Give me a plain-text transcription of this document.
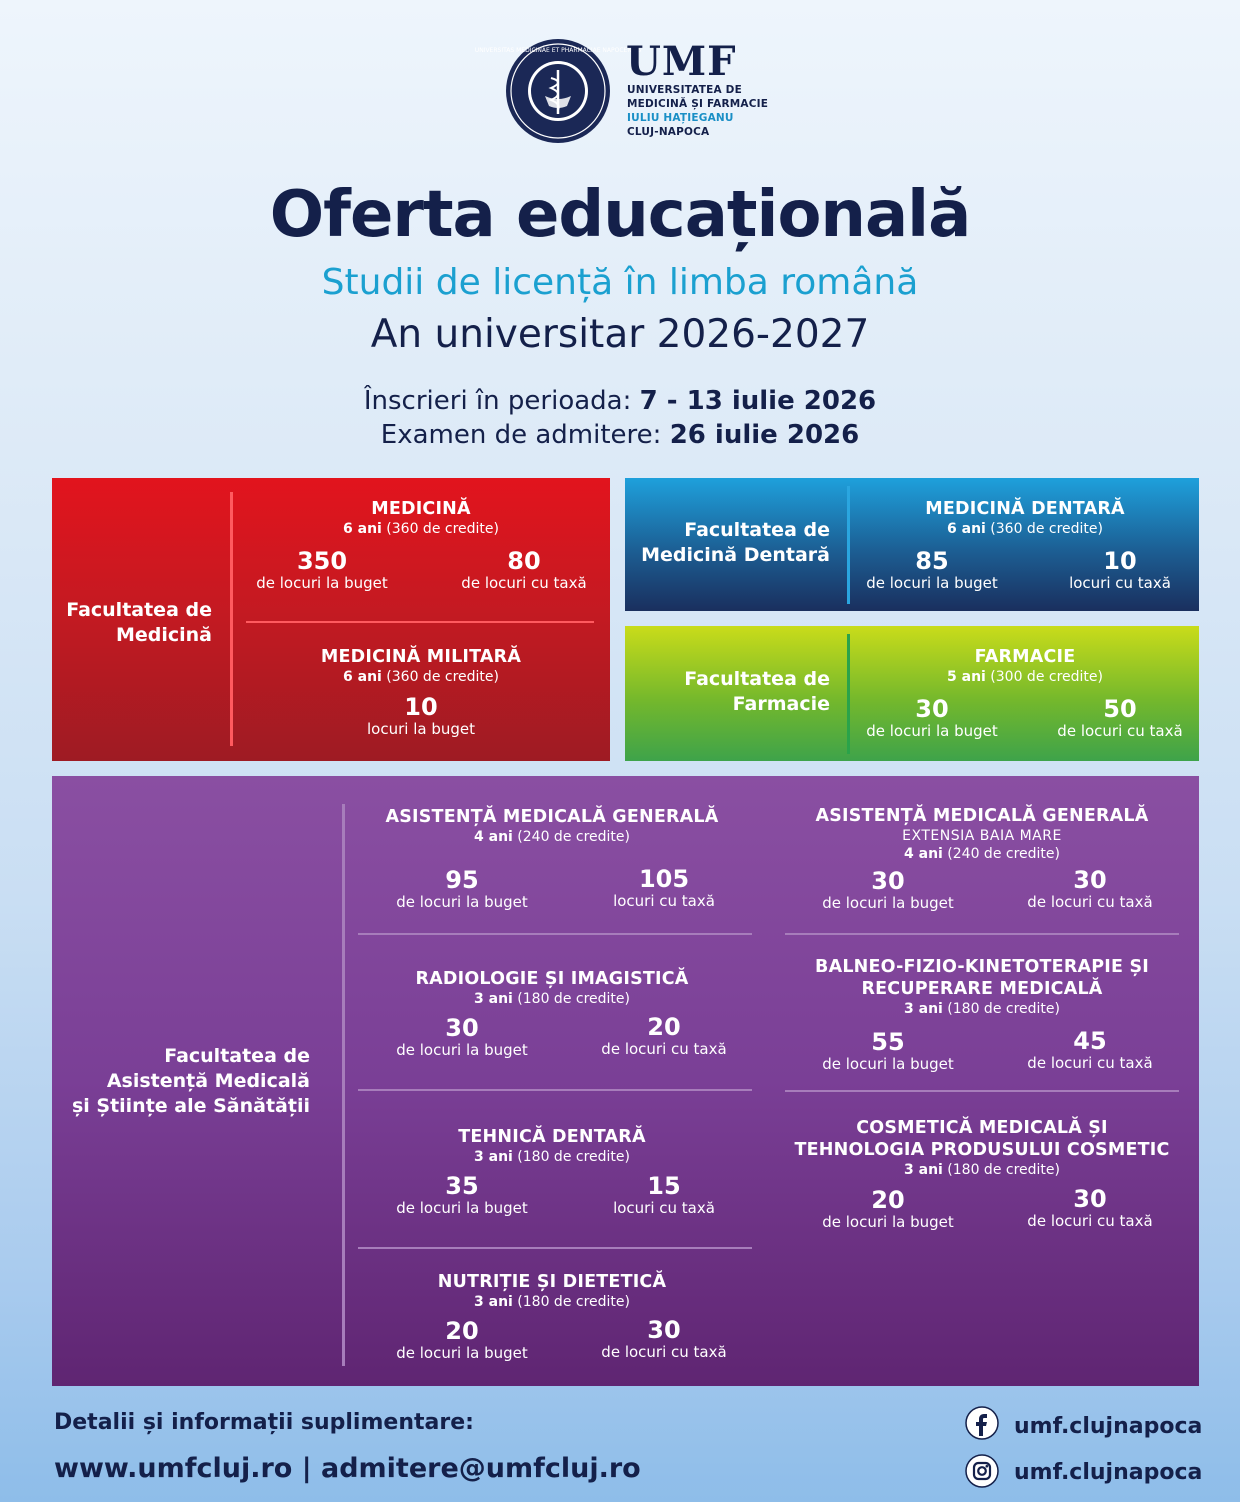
UNIVERSITAS MEDICINAE ET PHARMACIAE NAPOCENSIS
UMF
UNIVERSITATEA DE
MEDICINĂ ȘI FARMACIE
IULIU HAȚIEGANU
CLUJ-NAPOCA
Oferta educațională
Studii de licență în limba română
An universitar 2026-2027
Înscrieri în perioada: 7 - 13 iulie 2026
Examen de admitere: 26 iulie 2026
Facultatea de
Medicină
MEDICINĂ
6 ani (360 de credite)
350
de locuri la buget
80
de locuri cu taxă
MEDICINĂ MILITARĂ
6 ani (360 de credite)
10
locuri la buget
Facultatea de
Medicină Dentară
MEDICINĂ DENTARĂ
6 ani (360 de credite)
85
de locuri la buget
10
locuri cu taxă
Facultatea de
Farmacie
FARMACIE
5 ani (300 de credite)
30
de locuri la buget
50
de locuri cu taxă
Facultatea de
Asistență Medicală
și Științe ale Sănătății
ASISTENȚĂ MEDICALĂ GENERALĂ
4 ani (240 de credite)
95
de locuri la buget
105
locuri cu taxă
RADIOLOGIE ȘI IMAGISTICĂ
3 ani (180 de credite)
30
de locuri la buget
20
de locuri cu taxă
TEHNICĂ DENTARĂ
3 ani (180 de credite)
35
de locuri la buget
15
locuri cu taxă
NUTRIȚIE ȘI DIETETICĂ
3 ani (180 de credite)
20
de locuri la buget
30
de locuri cu taxă
ASISTENȚĂ MEDICALĂ GENERALĂ
EXTENSIA BAIA MARE
4 ani (240 de credite)
30
de locuri la buget
30
de locuri cu taxă
BALNEO-FIZIO-KINETOTERAPIE ȘI
RECUPERARE MEDICALĂ
3 ani (180 de credite)
55
de locuri la buget
45
de locuri cu taxă
COSMETICĂ MEDICALĂ ȘI
TEHNOLOGIA PRODUSULUI COSMETIC
3 ani (180 de credite)
20
de locuri la buget
30
de locuri cu taxă
Detalii și informații suplimentare:
www.umfcluj.ro | admitere@umfcluj.ro
umf.clujnapoca
umf.clujnapoca
